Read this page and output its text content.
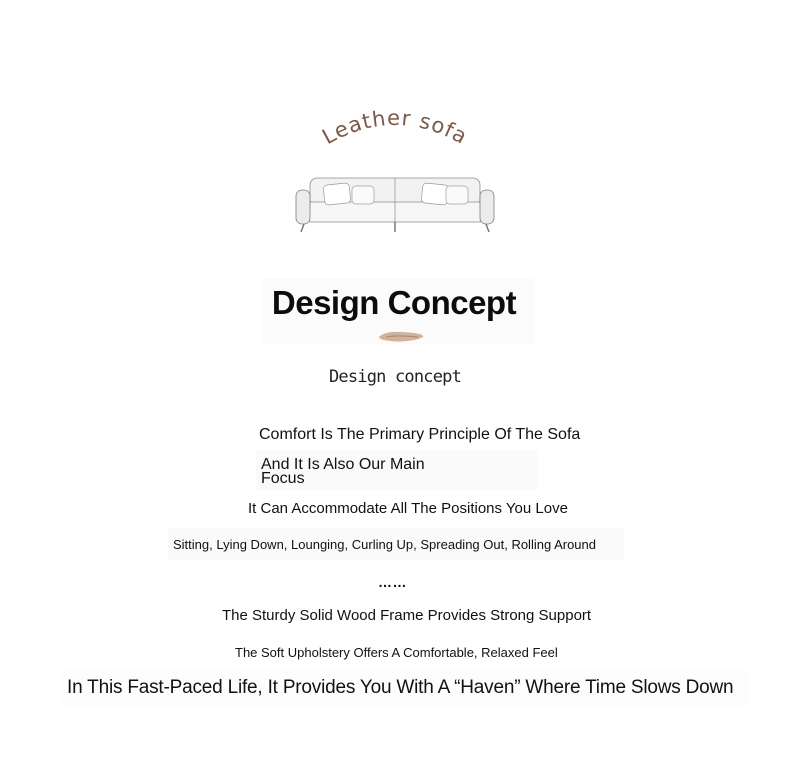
Leather sofa
Design Concept
Design concept
Comfort Is The Primary Principle Of The Sofa
And It Is Also Our Main Focus
It Can Accommodate All The Positions You Love
Sitting, Lying Down, Lounging, Curling Up, Spreading Out, Rolling Around
……
The Sturdy Solid Wood Frame Provides Strong Support
The Soft Upholstery Offers A Comfortable, Relaxed Feel
In This Fast-Paced Life, It Provides You With A “Haven” Where Time Slows Down
